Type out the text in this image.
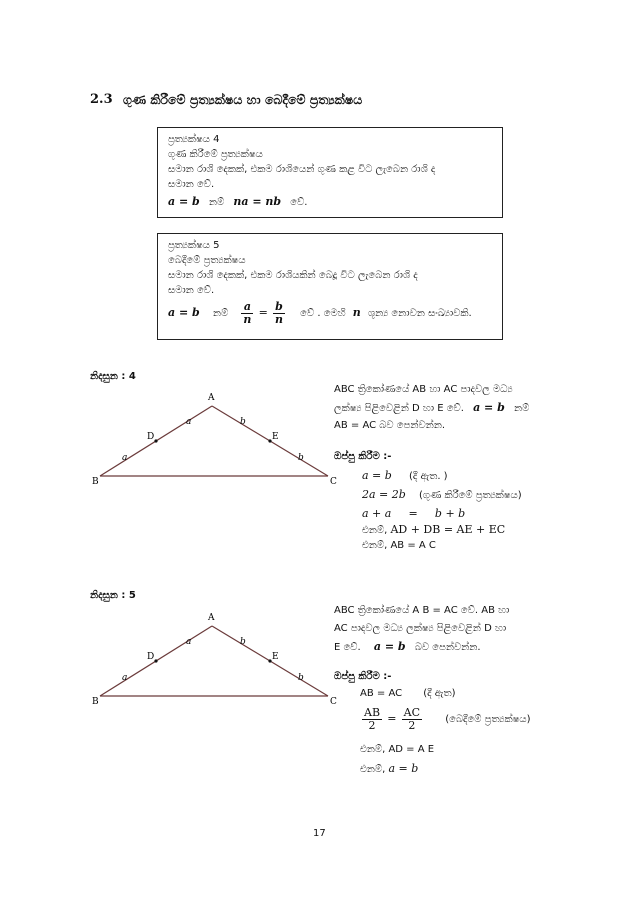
2.3 ගුණ කිරීමේ ප්‍රත්‍යක්ෂය හා බෙදීමේ ප්‍රත්‍යක්ෂය
ප්‍රත්‍යක්ෂය 4
ගුණ කිරීමේ ප්‍රත්‍යක්ෂය
සමාන රාශි දෙකක්, එකම රාශියෙන් ගුණ කළ විට ලැබෙන රාශි ද
සමාන වේ.
a = b නම් na = nb වේ.
ප්‍රත්‍යක්ෂය 5
බෙදීමේ ප්‍රත්‍යක්ෂය
සමාන රාශි දෙකක්, එකම රාශියකින් බෙදූ විට ලැබෙන රාශි ද
සමාන වේ.
a = b නම් $\frac{a}{n} = \frac{b}{n}$ වේ . මෙහි n ශුන්‍ය නොවන සංඛ්‍යාවකි.
නිදසුන : 4
A
B	C
D	E
a
a
b
b
ABC ත්‍රිකෝණයේ AB හා AC පාදවල මධ්‍ය
ලක්ෂ්‍ය පිළිවෙළින් D හා E වේ. a = b නම්
AB = AC බව පෙන්වන්න.
ඔප්පු කිරීම :-
a = b (දී ඇත. )
2a = 2b (ගුණ කිරීමේ ප්‍රත්‍යක්ෂය)
a + a = b + b
එනම්, AD + DB = AE + EC
එනම්, AB = A C
නිදසුන : 5
A
B	C
D	E
a
a
b
b
ABC ත්‍රිකෝණයේ A B = AC වේ. AB හා
AC පාදවල මධ්‍ය ලක්ෂ්‍ය පිළිවෙළින් D හා
E වේ. a = b බව පෙන්වන්න.
ඔප්පු කිරීම :-
AB = AC (දී ඇත)
$\frac{AB}{2} = \frac{AC}{2}$ (බෙදීමේ ප්‍රත්‍යක්ෂය)
එනම්, AD = A E
එනම්, a = b
17
